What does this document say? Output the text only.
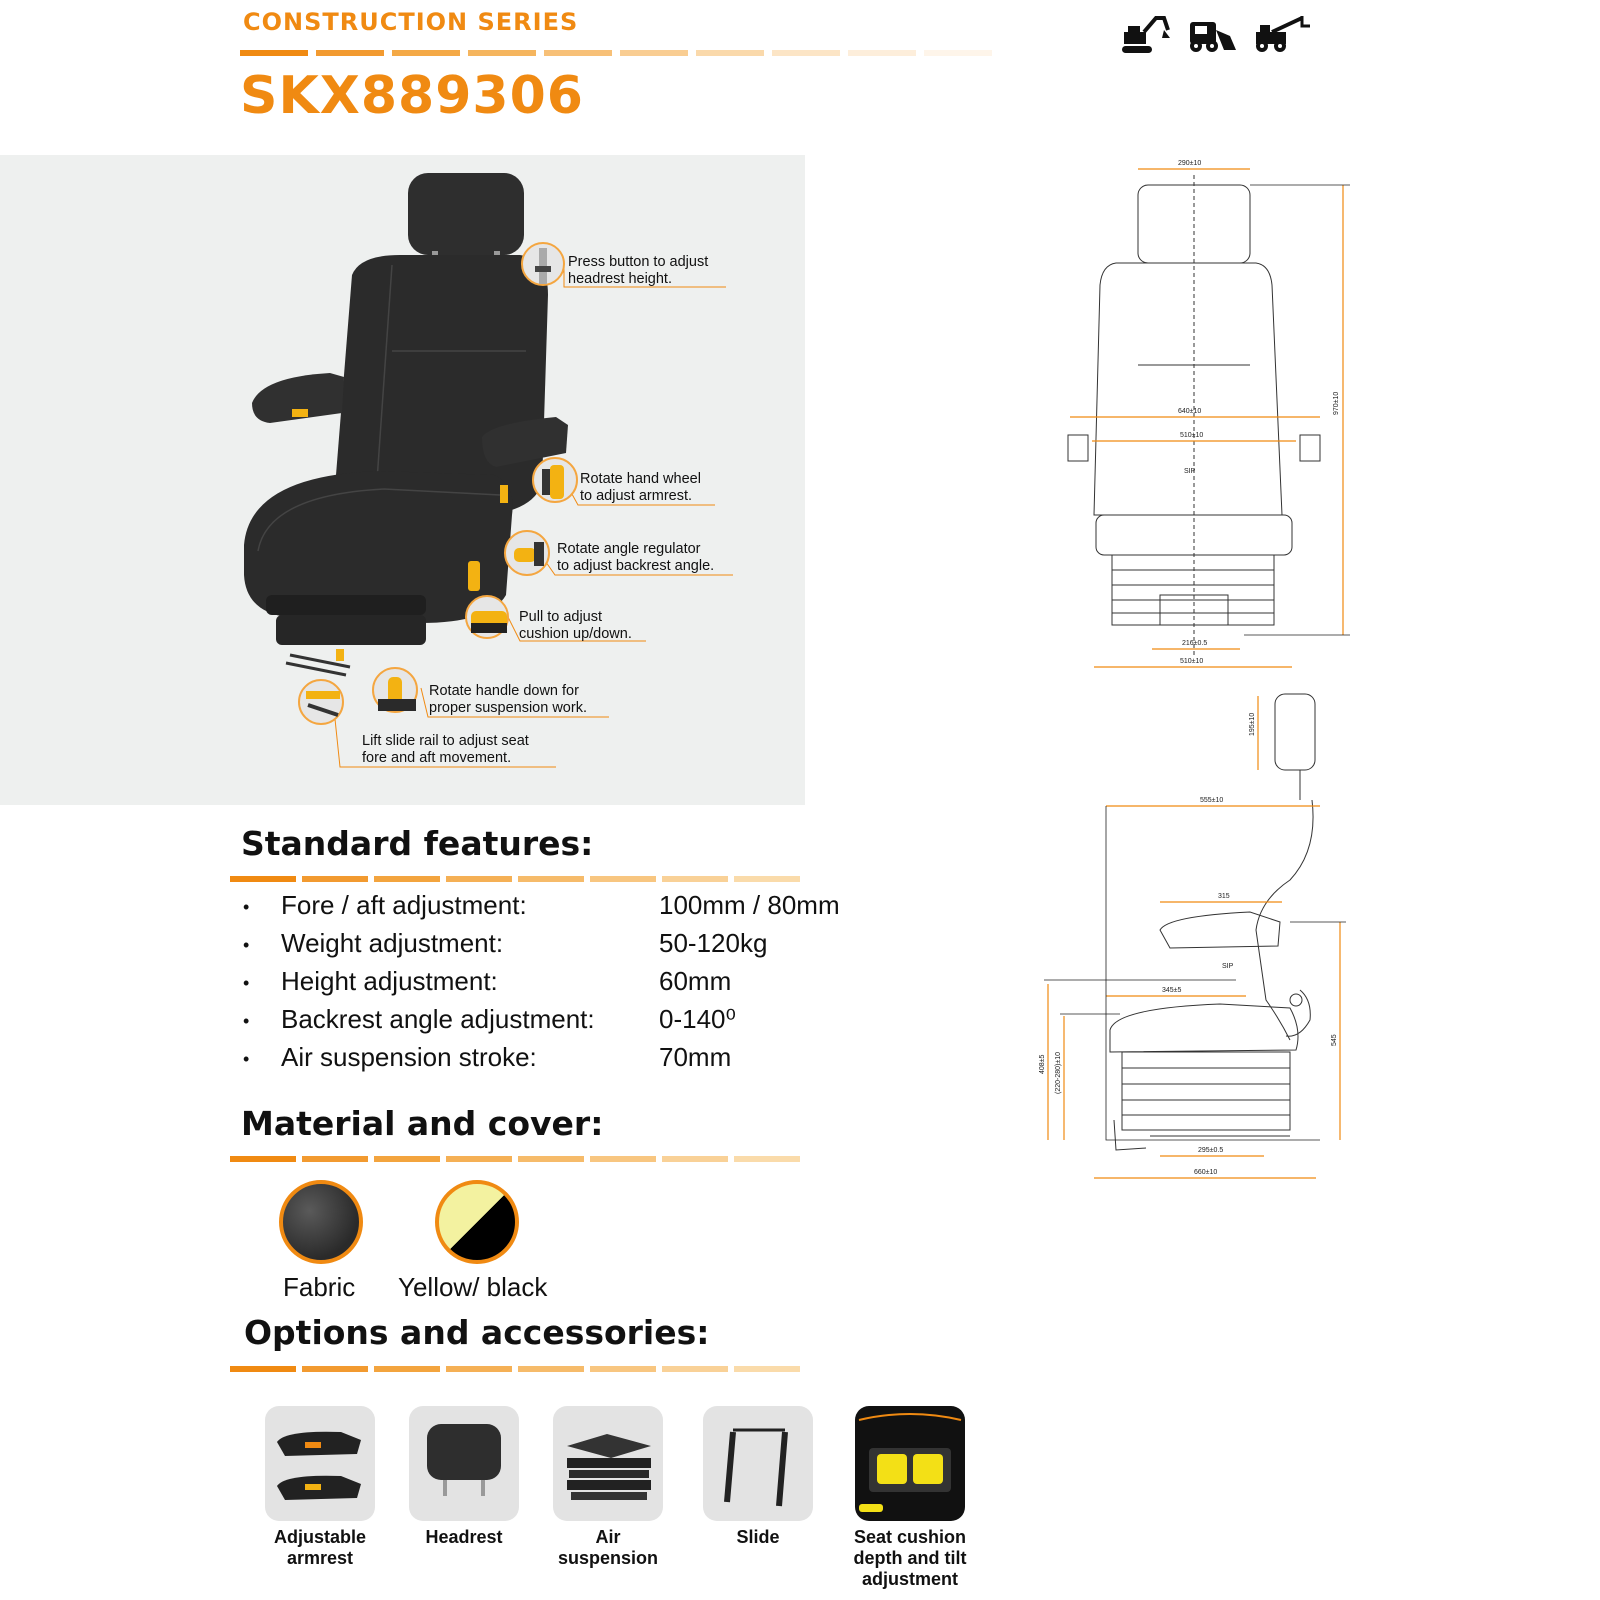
CONSTRUCTION SERIES
SKX889306
Press button to adjust
headrest height.
Rotate hand wheel
to adjust armrest.
Rotate angle regulator
to adjust backrest angle.
Pull to adjust
cushion up/down.
Rotate handle down for
proper suspension work.
Lift slide rail to adjust seat
fore and aft movement.
290±10
970±10
640±10
510±10
SIP
216±0.5
510±10
195±10
555±10
315
SIP
345±5
408±5 (220-280)±10
545
295±0.5
660±10
Standard features:
• Fore / aft adjustment:	100mm / 80mm
• Weight adjustment:	50-120kg
• Height adjustment:	60mm
• Backrest angle adjustment: 0-140⁰
• Air suspension stroke:	70mm
Material and cover:
Fabric Yellow/ black
Options and accessories:
Adjustable
armrest
Headrest	Air
suspension
Slide	Seat cushion
depth and tilt
adjustment
